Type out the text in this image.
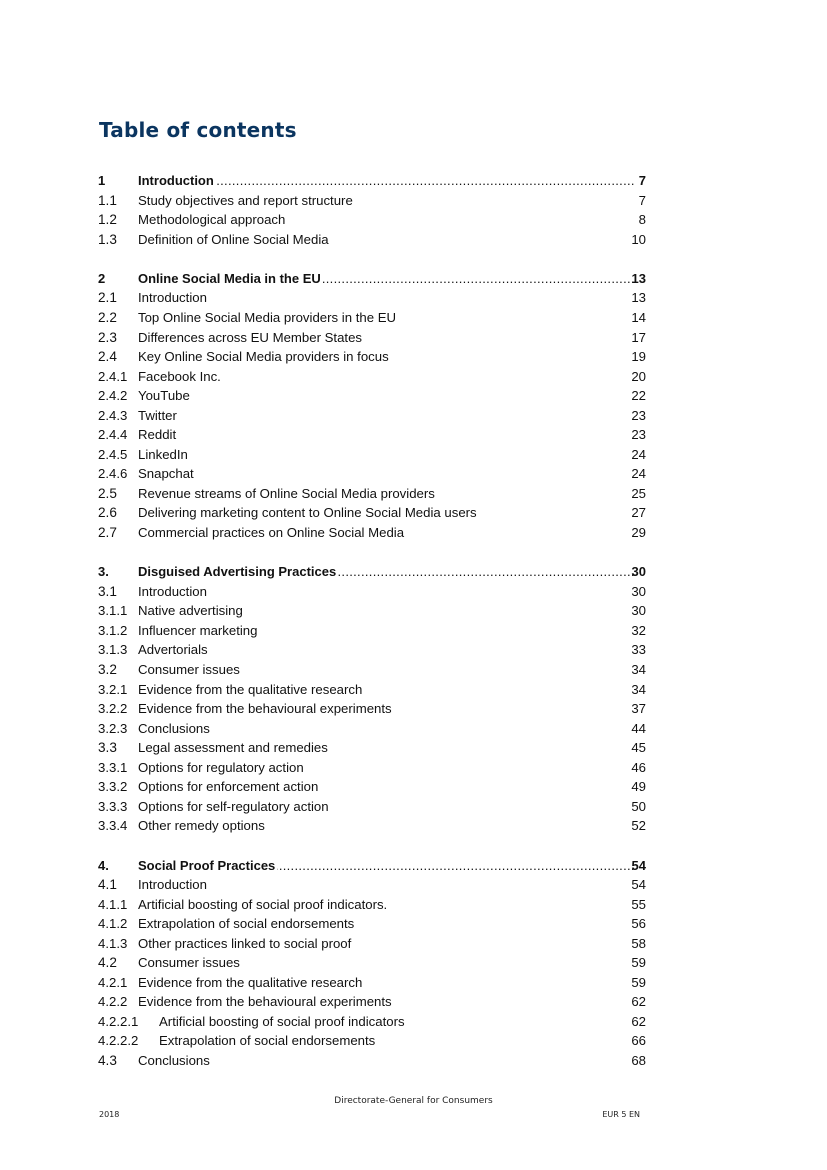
Table of contents
1	Introduction .....	7
1.1 Study objectives and report structure	7
1.2 Methodological approach	8
1.3 Definition of Online Social Media	10
2	Online Social Media in the EU .....	13
2.1 Introduction	13
2.2 Top Online Social Media providers in the EU	14
2.3 Differences across EU Member States	17
2.4 Key Online Social Media providers in focus	19
2.4.1 Facebook Inc.	20
2.4.2 YouTube	22
2.4.3 Twitter	23
2.4.4 Reddit	23
2.4.5 LinkedIn	24
2.4.6 Snapchat	24
2.5 Revenue streams of Online Social Media providers	25
2.6 Delivering marketing content to Online Social Media users	27
2.7 Commercial practices on Online Social Media	29
3. Disguised Advertising Practices .....	30
3.1 Introduction	30
3.1.1 Native advertising	30
3.1.2 Influencer marketing	32
3.1.3 Advertorials	33
3.2 Consumer issues	34
3.2.1 Evidence from the qualitative research	34
3.2.2 Evidence from the behavioural experiments	37
3.2.3 Conclusions	44
3.3 Legal assessment and remedies	45
3.3.1 Options for regulatory action	46
3.3.2 Options for enforcement action	49
3.3.3 Options for self-regulatory action	50
3.3.4 Other remedy options	52
4. Social Proof Practices .....	54
4.1 Introduction	54
4.1.1 Artificial boosting of social proof indicators.	55
4.1.2 Extrapolation of social endorsements	56
4.1.3 Other practices linked to social proof	58
4.2 Consumer issues	59
4.2.1 Evidence from the qualitative research	59
4.2.2 Evidence from the behavioural experiments	62
4.2.2.1 Artificial boosting of social proof indicators	62
4.2.2.2 Extrapolation of social endorsements	66
4.3 Conclusions	68
Directorate-General for Consumers
2018	EUR 5 EN
